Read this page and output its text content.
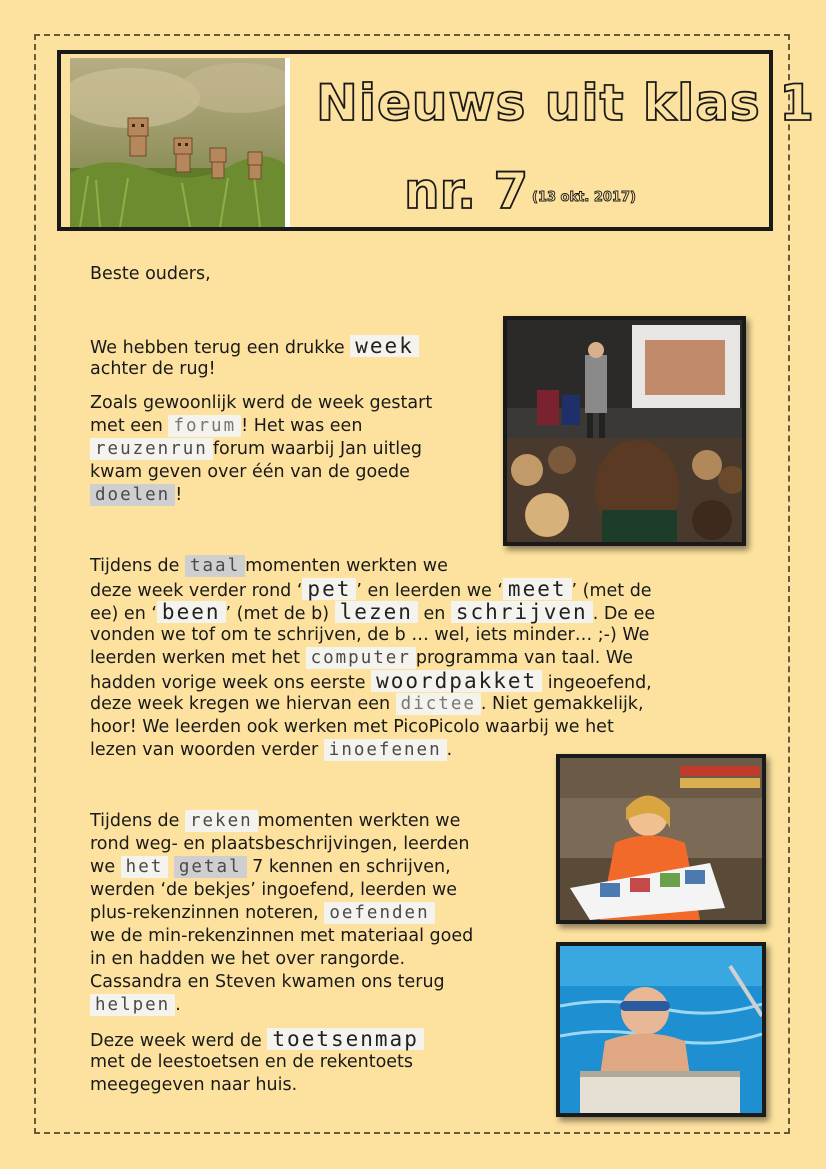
Nieuws uit klas 1
nr. 7 (13 okt. 2017)
Beste ouders,
We hebben terug een drukke week
achter de rug!
Zoals gewoonlijk werd de week gestart
met een forum ! Het was een
reuzenrun forum waarbij Jan uitleg
kwam geven over één van de goede
doelen !
Tijdens de taal momenten werkten we
deze week verder rond ‘ pet ’ en leerden we ‘ meet ’ (met de
ee) en ‘ been ’ (met de b) lezen en schrijven . De ee
vonden we tof om te schrijven, de b … wel, iets minder… ;-) We
leerden werken met het computer programma van taal. We
hadden vorige week ons eerste woordpakket ingeoefend,
deze week kregen we hiervan een dictee . Niet gemakkelijk,
hoor! We leerden ook werken met PicoPicolo waarbij we het
lezen van woorden verder inoefenen .
Tijdens de reken momenten werkten we
rond weg- en plaatsbeschrijvingen, leerden
we het getal 7 kennen en schrijven,
werden ‘de bekjes’ ingoefend, leerden we
plus-rekenzinnen noteren, oefenden
we de min-rekenzinnen met materiaal goed
in en hadden we het over rangorde.
Cassandra en Steven kwamen ons terug
helpen .
Deze week werd de toetsenmap
met de leestoetsen en de rekentoets
meegegeven naar huis.
